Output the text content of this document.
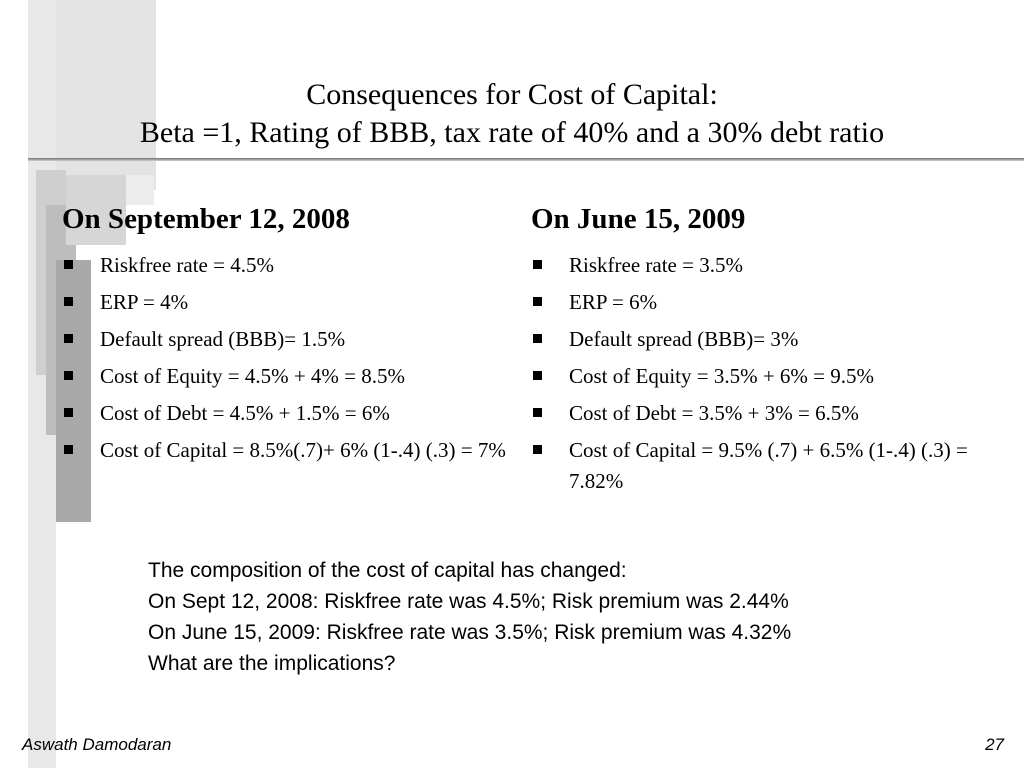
Consequences for Cost of Capital:
Beta =1, Rating of BBB, tax rate of 40% and a 30% debt ratio
On September 12, 2008
Riskfree rate = 4.5%
ERP = 4%
Default spread (BBB)= 1.5%
Cost of Equity = 4.5% + 4% = 8.5%
Cost of Debt = 4.5% + 1.5% = 6%
Cost of Capital = 8.5%(.7)+ 6% (1-.4) (.3) = 7%
On June 15, 2009
Riskfree rate = 3.5%
ERP = 6%
Default spread (BBB)= 3%
Cost of Equity = 3.5% + 6% = 9.5%
Cost of Debt = 3.5% + 3% = 6.5%
Cost of Capital = 9.5% (.7) + 6.5% (1-.4) (.3) = 7.82%
The composition of the cost of capital has changed:
On Sept 12, 2008: Riskfree rate was 4.5%; Risk premium was 2.44%
On June 15, 2009: Riskfree rate was 3.5%; Risk premium was 4.32%
What are the implications?
Aswath Damodaran	27
